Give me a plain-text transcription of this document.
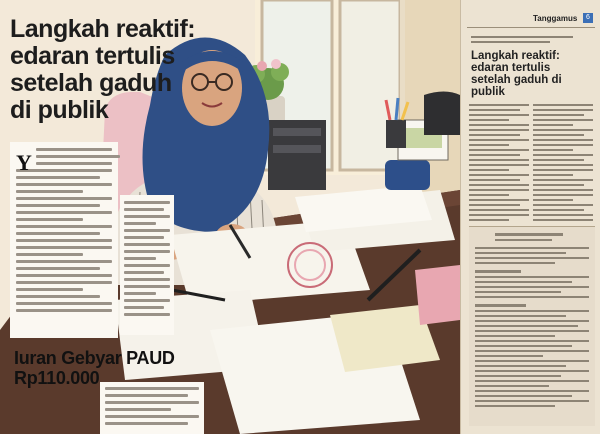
Langkah reaktif:
edaran tertulis
setelah gaduh
di publik
Y
Iuran Gebyar PAUD
Rp110.000
Tanggamus	6
Langkah reaktif:
edaran tertulis
setelah gaduh di
publik
